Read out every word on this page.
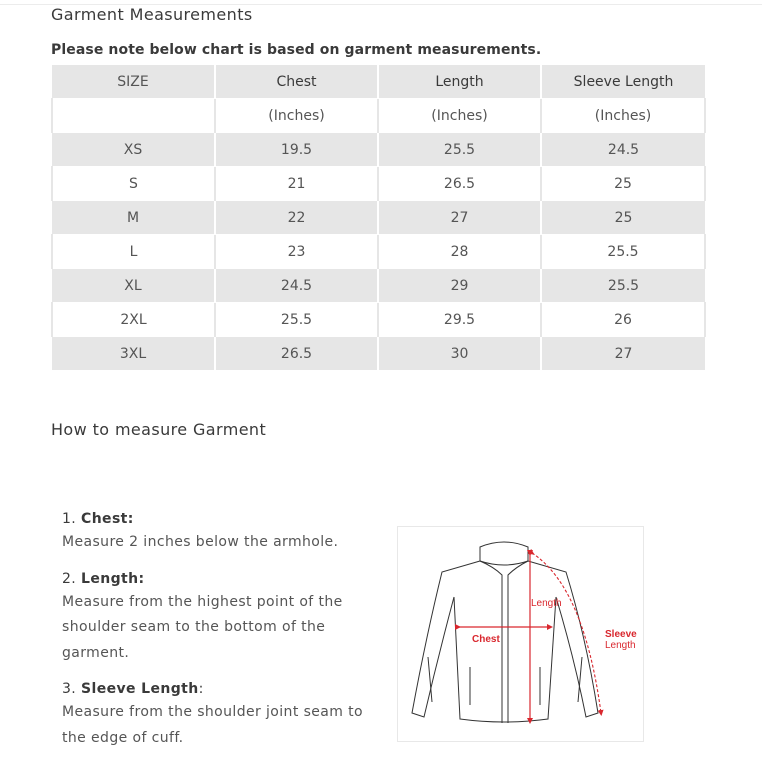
Garment Measurements
Please note below chart is based on garment measurements.
SIZE	Chest	Length	Sleeve Length
	(Inches)	(Inches)	(Inches)
XS	19.5	25.5	24.5
S	21	26.5	25
M	22	27	25
L	23	28	25.5
XL	24.5	29	25.5
2XL	25.5	29.5	26
3XL	26.5	30	27
How to measure Garment
1. Chest:
Measure 2 inches below the armhole.
2. Length:
Measure from the highest point of the shoulder seam to the bottom of the garment.
3. Sleeve Length:
Measure from the shoulder joint seam to the edge of cuff.
Chest
Length
Sleeve
Length
